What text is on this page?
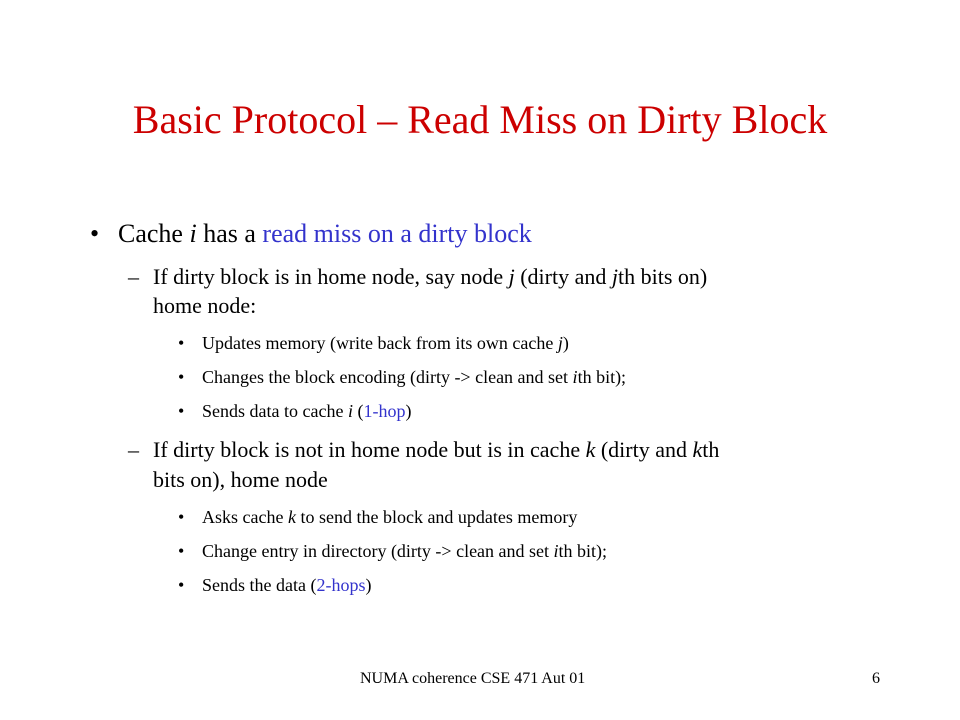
Basic Protocol – Read Miss on Dirty Block
• Cache i has a read miss on a dirty block
– If dirty block is in home node, say node j (dirty and jth bits on)
home node:
• Updates memory (write back from its own cache j)
• Changes the block encoding (dirty -> clean and set ith bit);
• Sends data to cache i (1-hop)
– If dirty block is not in home node but is in cache k (dirty and kth
bits on), home node
• Asks cache k to send the block and updates memory
• Change entry in directory (dirty -> clean and set ith bit);
• Sends the data (2-hops)
NUMA coherence CSE 471 Aut 01	6
